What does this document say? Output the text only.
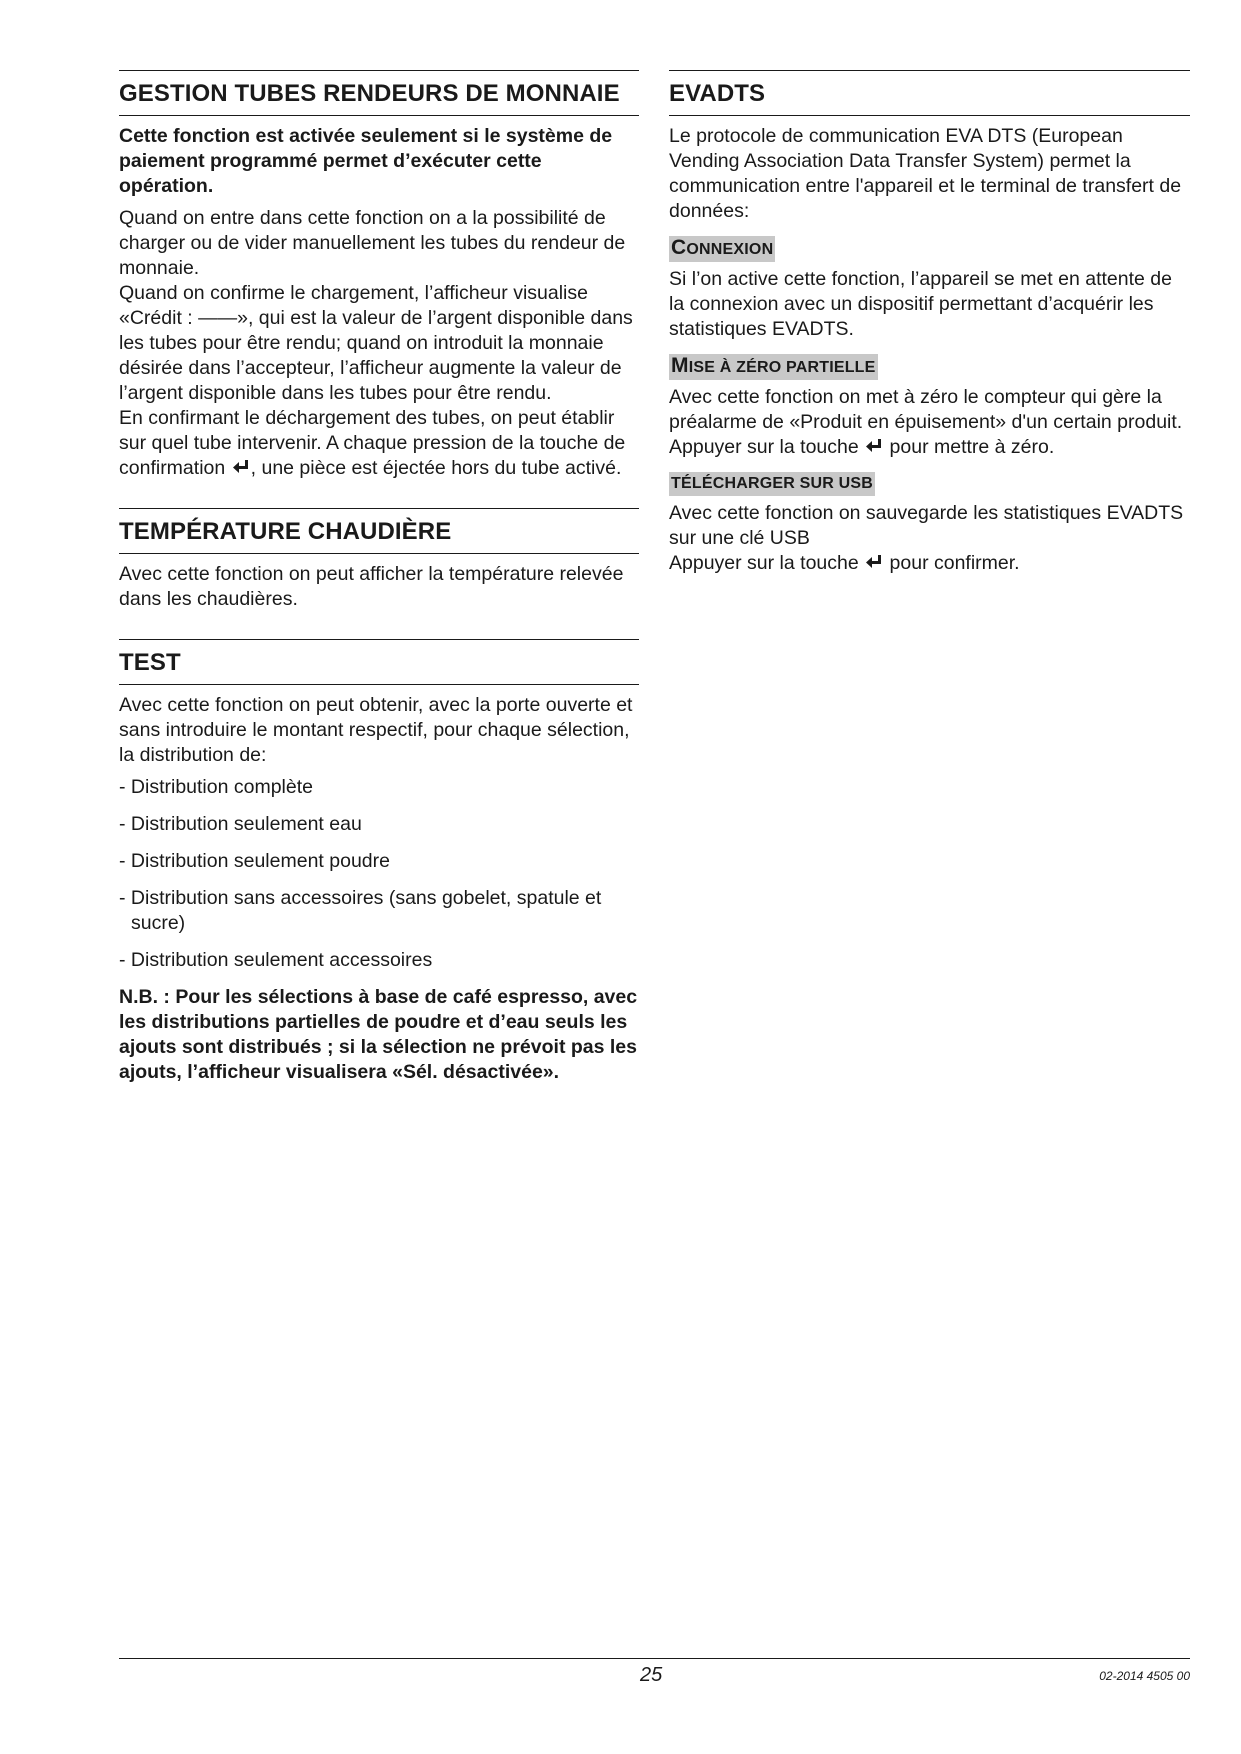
GESTION TUBES RENDEURS DE MONNAIE

Cette fonction est activée seulement si le système de paiement programmé permet d’exécuter cette opération.

Quand on entre dans cette fonction on a la possibilité de charger ou de vider manuellement les tubes du rendeur de monnaie.

Quand on confirme le chargement, l’afficheur visualise «Crédit : ——», qui est la valeur de l’argent disponible dans les tubes pour être rendu; quand on introduit la monnaie désirée dans l’accepteur, l’afficheur augmente la valeur de l’argent disponible dans les tubes pour être rendu.

En confirmant le déchargement des tubes, on peut établir sur quel tube intervenir. A chaque pression de la touche de confirmation , une pièce est éjectée hors du tube activé.

TEMPÉRATURE CHAUDIÈRE

Avec cette fonction on peut afficher la température relevée dans les chaudières.

TEST

Avec cette fonction on peut obtenir, avec la porte ouverte et sans introduire le montant respectif, pour chaque sélection, la distribution de:

- Distribution complète
- Distribution seulement eau
- Distribution seulement poudre
- Distribution sans accessoires (sans gobelet, spatule et sucre)
- Distribution seulement accessoires

N.B. : Pour les sélections à base de café espresso, avec les distributions partielles de poudre et d’eau seuls les ajouts sont distribués ; si la sélection ne prévoit pas les ajouts, l’afficheur visualisera «Sél. désactivée».

EVADTS

Le protocole de communication EVA DTS (European Vending Association Data Transfer System) permet la communication entre l'appareil et le terminal de transfert de données:

CONNEXION

Si l’on active cette fonction, l’appareil se met en attente de la connexion avec un dispositif permettant d’acquérir les statistiques EVADTS.

MISE À ZÉRO PARTIELLE

Avec cette fonction on met à zéro le compteur qui gère la préalarme de «Produit en épuisement» d'un certain produit.

Appuyer sur la touche  pour mettre à zéro.

TÉLÉCHARGER SUR USB

Avec cette fonction on sauvegarde les statistiques EVADTS sur une clé USB

Appuyer sur la touche  pour confirmer.

25	02-2014 4505 00
